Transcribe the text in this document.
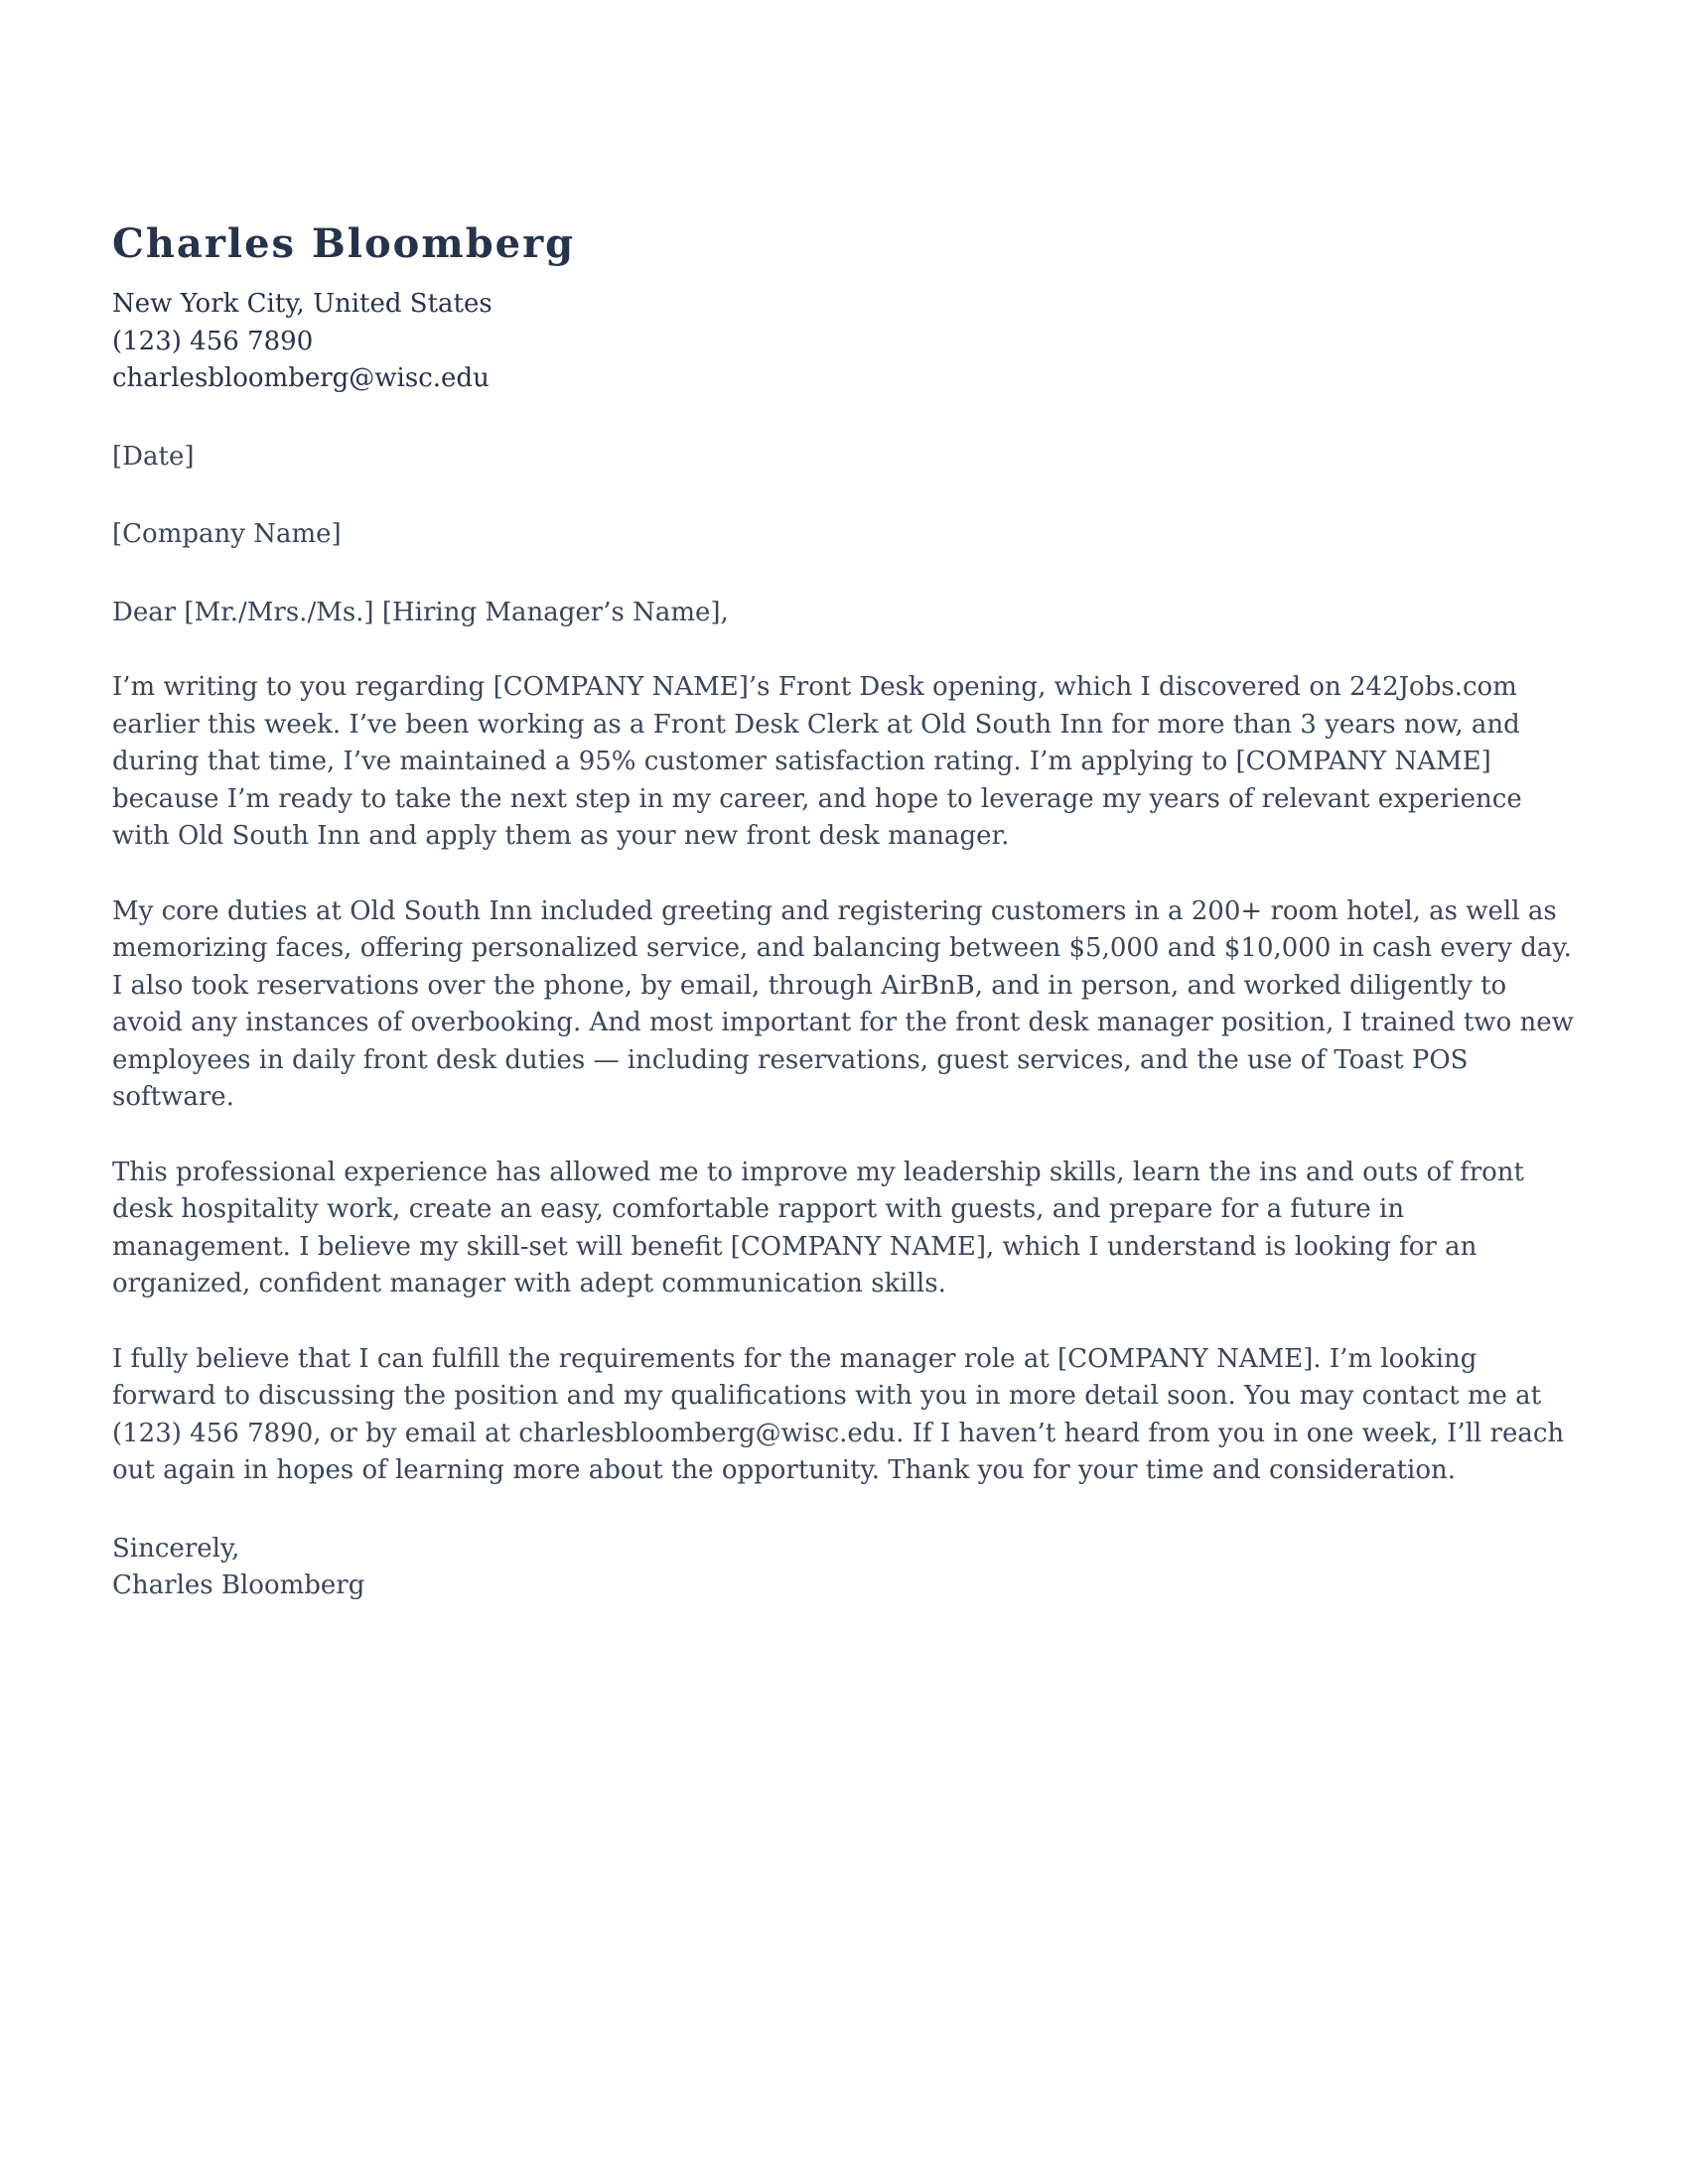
Charles Bloomberg
New York City, United States
(123) 456 7890
charlesbloomberg@wisc.edu
[Date]
[Company Name]
Dear [Mr./Mrs./Ms.] [Hiring Manager’s Name],

I’m writing to you regarding [COMPANY NAME]’s Front Desk opening, which I discovered on 242Jobs.com earlier this week. I’ve been working as a Front Desk Clerk at Old South Inn for more than 3 years now, and during that time, I’ve maintained a 95% customer satisfaction rating. I’m applying to [COMPANY NAME] because I’m ready to take the next step in my career, and hope to leverage my years of relevant experience with Old South Inn and apply them as your new front desk manager.

My core duties at Old South Inn included greeting and registering customers in a 200+ room hotel, as well as memorizing faces, offering personalized service, and balancing between $5,000 and $10,000 in cash every day. I also took reservations over the phone, by email, through AirBnB, and in person, and worked diligently to avoid any instances of overbooking. And most important for the front desk manager position, I trained two new employees in daily front desk duties — including reservations, guest services, and the use of Toast POS software.

This professional experience has allowed me to improve my leadership skills, learn the ins and outs of front desk hospitality work, create an easy, comfortable rapport with guests, and prepare for a future in management. I believe my skill-set will benefit [COMPANY NAME], which I understand is looking for an organized, confident manager with adept communication skills.

I fully believe that I can fulfill the requirements for the manager role at [COMPANY NAME]. I’m looking forward to discussing the position and my qualifications with you in more detail soon. You may contact me at (123) 456 7890, or by email at charlesbloomberg@wisc.edu. If I haven’t heard from you in one week, I’ll reach out again in hopes of learning more about the opportunity. Thank you for your time and consideration.

Sincerely,
Charles Bloomberg
